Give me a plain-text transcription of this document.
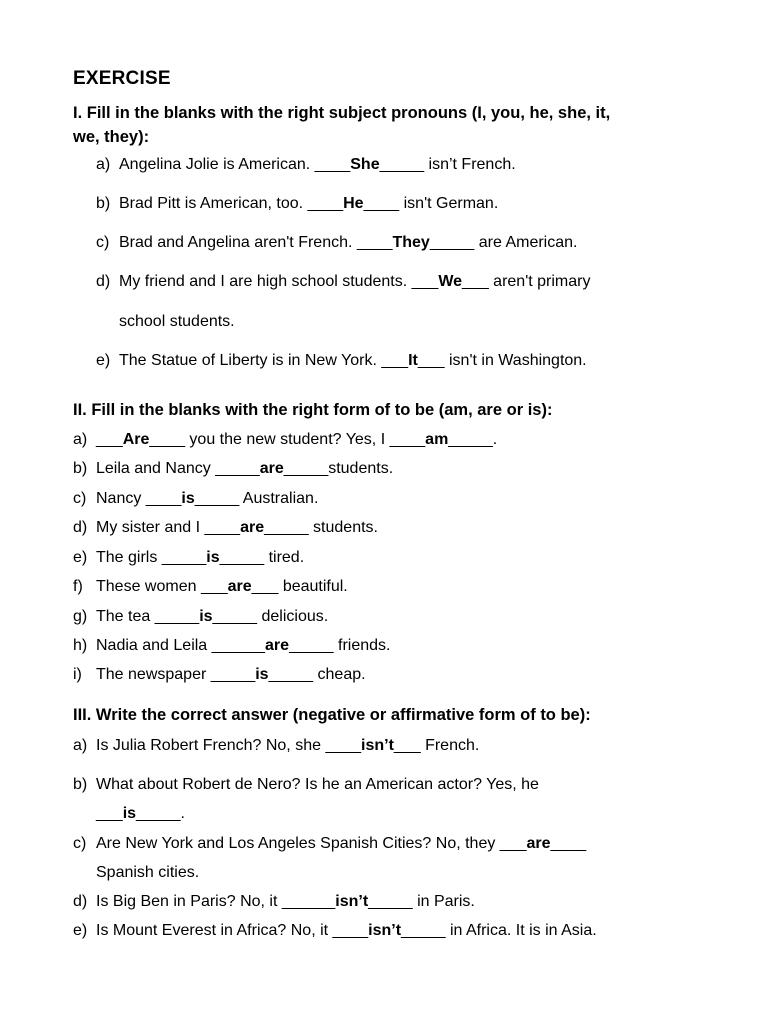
EXERCISE
I. Fill in the blanks with the right subject pronouns (I, you, he, she, it,
we, they):
a) Angelina Jolie is American. ____She_____ isn’t French.
b) Brad Pitt is American, too. ____He____ isn't German.
c) Brad and Angelina aren't French. ____They_____ are American.
d) My friend and I are high school students. ___We___ aren't primary
school students.
e) The Statue of Liberty is in New York. ___It___ isn't in Washington.
II. Fill in the blanks with the right form of to be (am, are or is):
a) ___Are____ you the new student? Yes, I ____am_____.
b) Leila and Nancy _____are_____students.
c) Nancy ____is_____ Australian.
d) My sister and I ____are_____ students.
e) The girls _____is_____ tired.
f) These women ___are___ beautiful.
g) The tea _____is_____ delicious.
h) Nadia and Leila ______are_____ friends.
i) The newspaper _____is_____ cheap.
III. Write the correct answer (negative or affirmative form of to be):
a) Is Julia Robert French? No, she ____isn’t___ French.
b) What about Robert de Nero? Is he an American actor? Yes, he
___is_____.
c) Are New York and Los Angeles Spanish Cities? No, they ___are____
Spanish cities.
d) Is Big Ben in Paris? No, it ______isn’t_____ in Paris.
e) Is Mount Everest in Africa? No, it ____isn’t_____ in Africa. It is in Asia.
